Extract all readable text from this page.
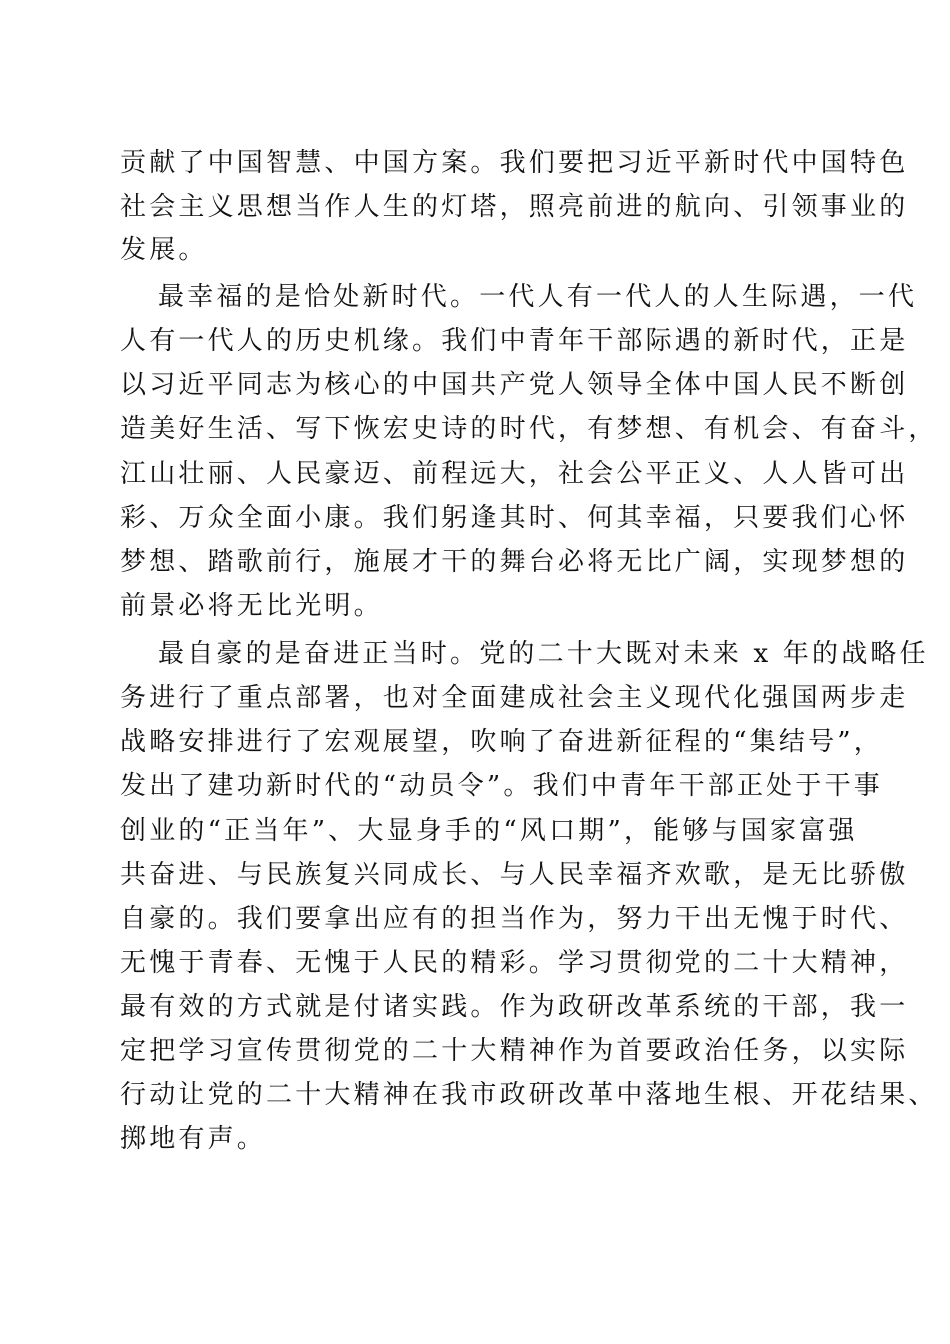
贡献了中国智慧、中国方案。我们要把习近平新时代中国特色
社会主义思想当作人生的灯塔，照亮前进的航向、引领事业的
发展。
最幸福的是恰处新时代。一代人有一代人的人生际遇，一代
人有一代人的历史机缘。我们中青年干部际遇的新时代，正是
以习近平同志为核心的中国共产党人领导全体中国人民不断创
造美好生活、写下恢宏史诗的时代，有梦想、有机会、有奋斗，
江山壮丽、人民豪迈、前程远大，社会公平正义、人人皆可出
彩、万众全面小康。我们躬逢其时、何其幸福，只要我们心怀
梦想、踏歌前行，施展才干的舞台必将无比广阔，实现梦想的
前景必将无比光明。
最自豪的是奋进正当时。党的二十大既对未来 x 年的战略任
务进行了重点部署，也对全面建成社会主义现代化强国两步走
战略安排进行了宏观展望，吹响了奋进新征程的“集结号”，
发出了建功新时代的“动员令”。我们中青年干部正处于干事
创业的“正当年”、大显身手的“风口期”，能够与国家富强
共奋进、与民族复兴同成长、与人民幸福齐欢歌，是无比骄傲
自豪的。我们要拿出应有的担当作为，努力干出无愧于时代、
无愧于青春、无愧于人民的精彩。学习贯彻党的二十大精神，
最有效的方式就是付诸实践。作为政研改革系统的干部，我一
定把学习宣传贯彻党的二十大精神作为首要政治任务，以实际
行动让党的二十大精神在我市政研改革中落地生根、开花结果、
掷地有声。
